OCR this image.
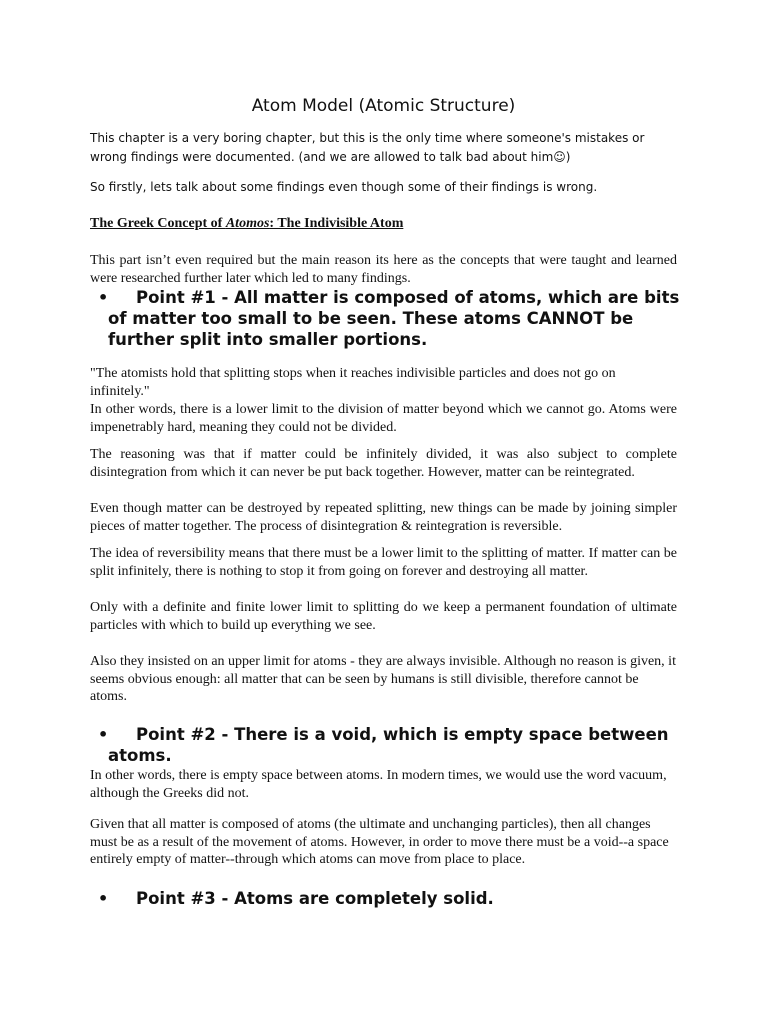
Atom Model (Atomic Structure)

This chapter is a very boring chapter, but this is the only time where someone's mistakes or wrong findings were documented. (and we are allowed to talk bad about him☺)

So firstly, lets talk about some findings even though some of their findings is wrong.

The Greek Concept of Atomos: The Indivisible Atom

This part isn’t even required but the main reason its here as the concepts that were taught and learned were researched further later which led to many findings.

•	Point #1 - All matter is composed of atoms, which are bits of matter too small to be seen. These atoms CANNOT be further split into smaller portions.

"The atomists hold that splitting stops when it reaches indivisible particles and does not go on infinitely."

In other words, there is a lower limit to the division of matter beyond which we cannot go. Atoms were impenetrably hard, meaning they could not be divided.

The reasoning was that if matter could be infinitely divided, it was also subject to complete disintegration from which it can never be put back together. However, matter can be reintegrated.

Even though matter can be destroyed by repeated splitting, new things can be made by joining simpler pieces of matter together. The process of disintegration & reintegration is reversible.

The idea of reversibility means that there must be a lower limit to the splitting of matter. If matter can be split infinitely, there is nothing to stop it from going on forever and destroying all matter.

Only with a definite and finite lower limit to splitting do we keep a permanent foundation of ultimate particles with which to build up everything we see.

Also they insisted on an upper limit for atoms - they are always invisible. Although no reason is given, it seems obvious enough: all matter that can be seen by humans is still divisible, therefore cannot be atoms.

•	Point #2 - There is a void, which is empty space between atoms.

In other words, there is empty space between atoms. In modern times, we would use the word vacuum, although the Greeks did not.

Given that all matter is composed of atoms (the ultimate and unchanging particles), then all changes must be as a result of the movement of atoms. However, in order to move there must be a void--a space entirely empty of matter--through which atoms can move from place to place.

•	Point #3 - Atoms are completely solid.
